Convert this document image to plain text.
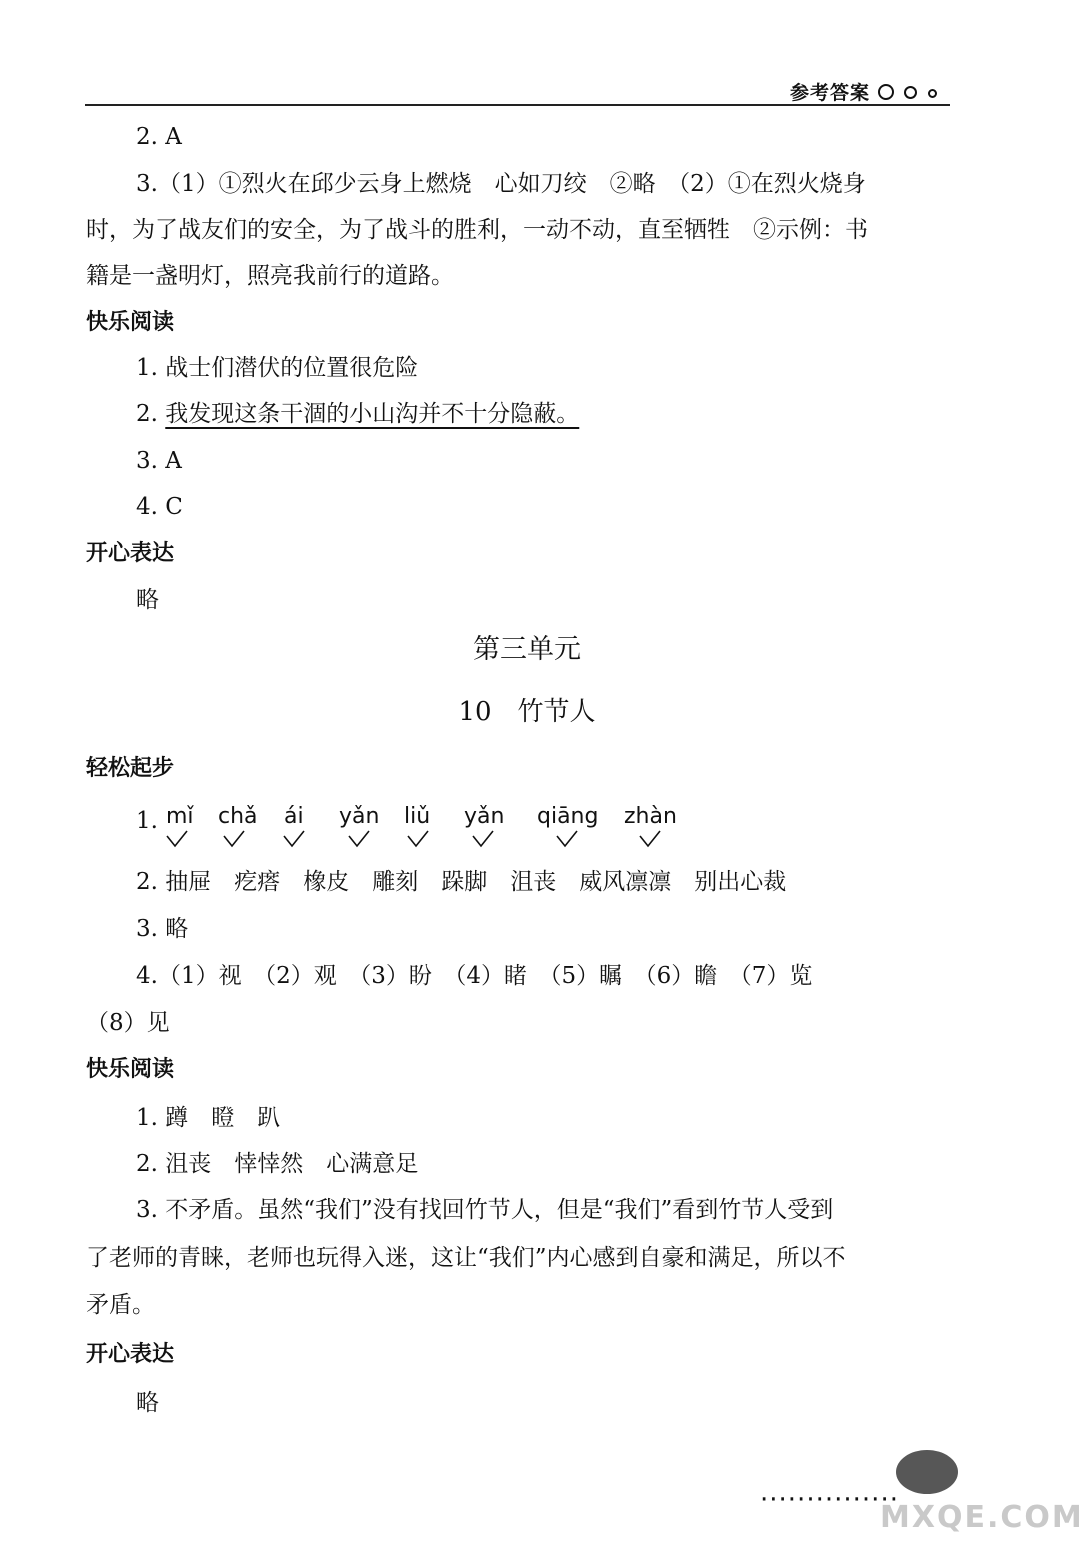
参考答案
2. A
3.（1）①烈火在邱少云身上燃烧　心如刀绞　②略　（2）①在烈火烧身
时，为了战友们的安全，为了战斗的胜利，一动不动，直至牺牲　②示例：书
籍是一盏明灯，照亮我前行的道路。
快乐阅读
1. 战士们潜伏的位置很危险
2. 我发现这条干涸的小山沟并不十分隐蔽。
3. A
4. C
开心表达
略
第三单元
10　竹节人
轻松起步
1. mǐ chǎ ái yǎn liǔ yǎn qiāng zhàn
2. 抽屉　疙瘩　橡皮　雕刻　跺脚　沮丧　威风凛凛　别出心裁
3. 略
4.（1）视　（2）观　（3）盼　（4）睹　（5）瞩　（6）瞻　（7）览
（8）见
快乐阅读
1. 蹲　瞪　趴
2. 沮丧　悻悻然　心满意足
3. 不矛盾。虽然“我们”没有找回竹节人，但是“我们”看到竹节人受到
了老师的青睐，老师也玩得入迷，这让“我们”内心感到自豪和满足，所以不
矛盾。
开心表达
略
···············
MXQE.COM
